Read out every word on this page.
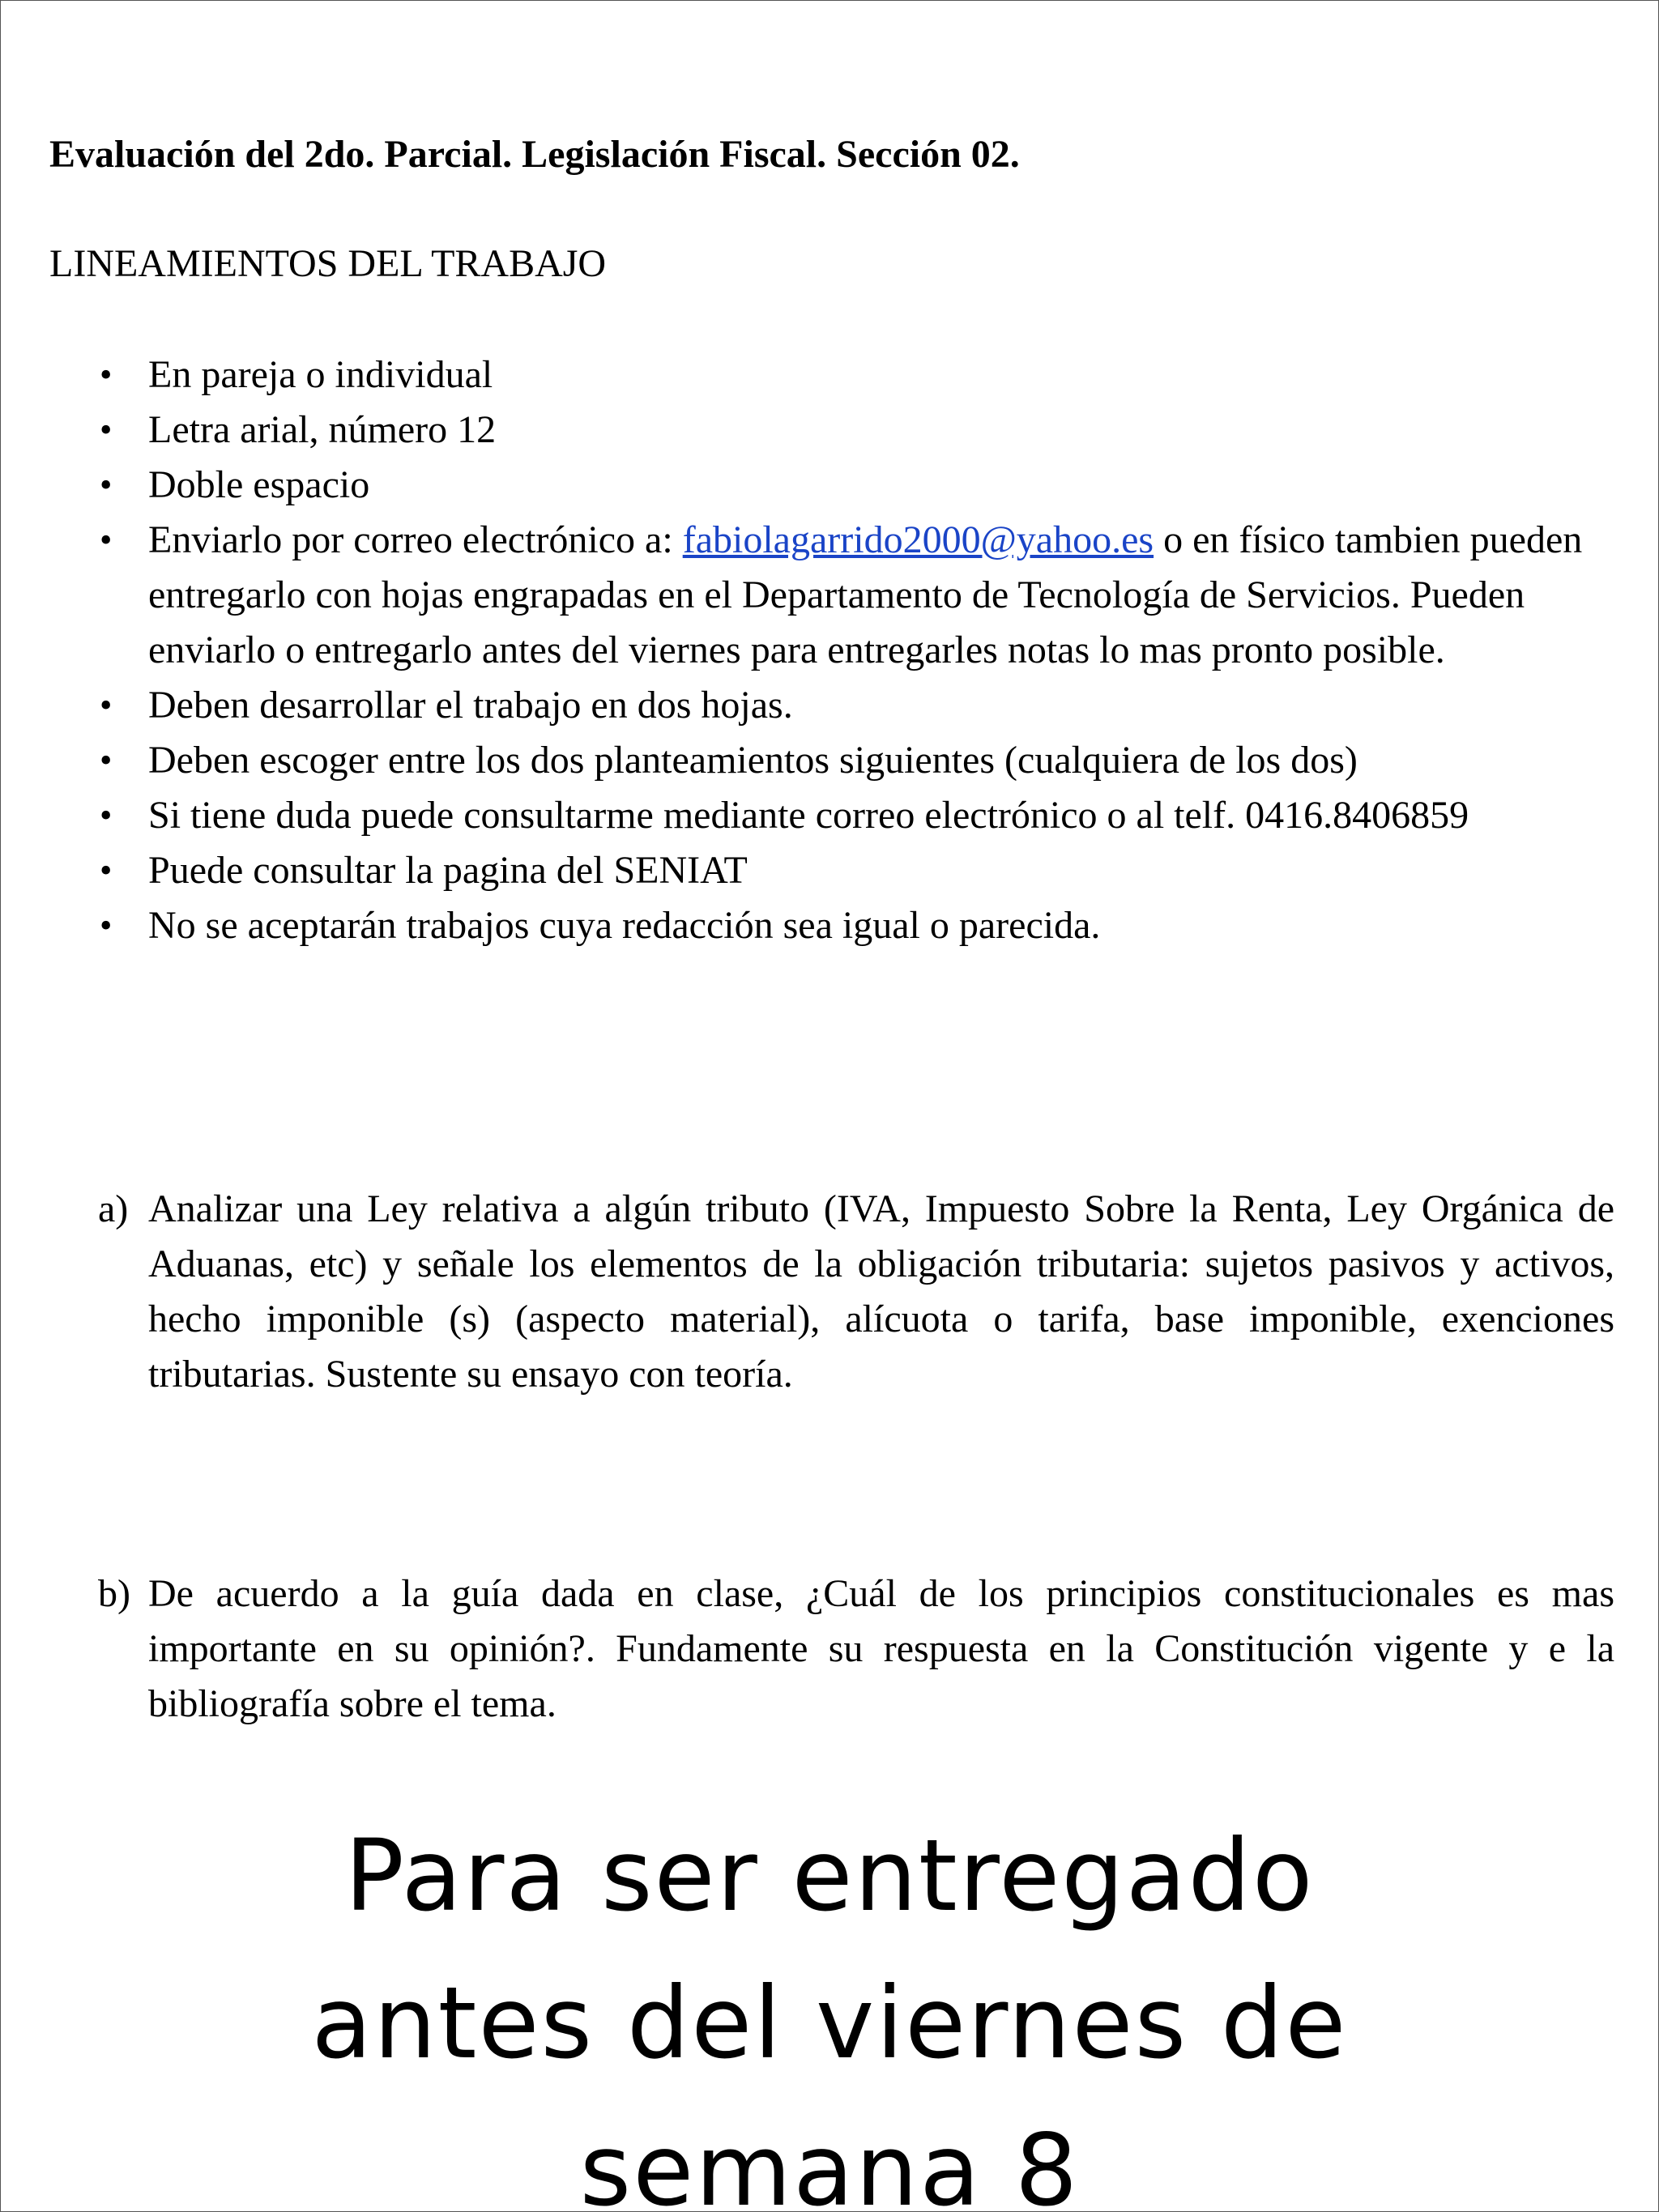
Evaluación del 2do. Parcial. Legislación Fiscal. Sección 02.
LINEAMIENTOS DEL TRABAJO
• En pareja o individual
• Letra arial, número 12
• Doble espacio
• Enviarlo por correo electrónico a: fabiolagarrido2000@yahoo.es o en físico tambien pueden entregarlo con hojas engrapadas en el Departamento de Tecnología de Servicios. Pueden enviarlo o entregarlo antes del viernes para entregarles notas lo mas pronto posible.
• Deben desarrollar el trabajo en dos hojas.
• Deben escoger entre los dos planteamientos siguientes (cualquiera de los dos)
• Si tiene duda puede consultarme mediante correo electrónico o al telf. 0416.8406859
• Puede consultar la pagina del SENIAT
• No se aceptarán trabajos cuya redacción sea igual o parecida.
a) Analizar una Ley relativa a algún tributo (IVA, Impuesto Sobre la Renta, Ley Orgánica de Aduanas, etc) y señale los elementos de la obligación tributaria: sujetos pasivos y activos, hecho imponible (s) (aspecto material), alícuota o tarifa, base imponible, exenciones tributarias. Sustente su ensayo con teoría.
b) De acuerdo a la guía dada en clase, ¿Cuál de los principios constitucionales es mas importante en su opinión?. Fundamente su respuesta en la Constitución vigente y e la bibliografía sobre el tema.
Para ser entregado
antes del viernes de
semana 8
